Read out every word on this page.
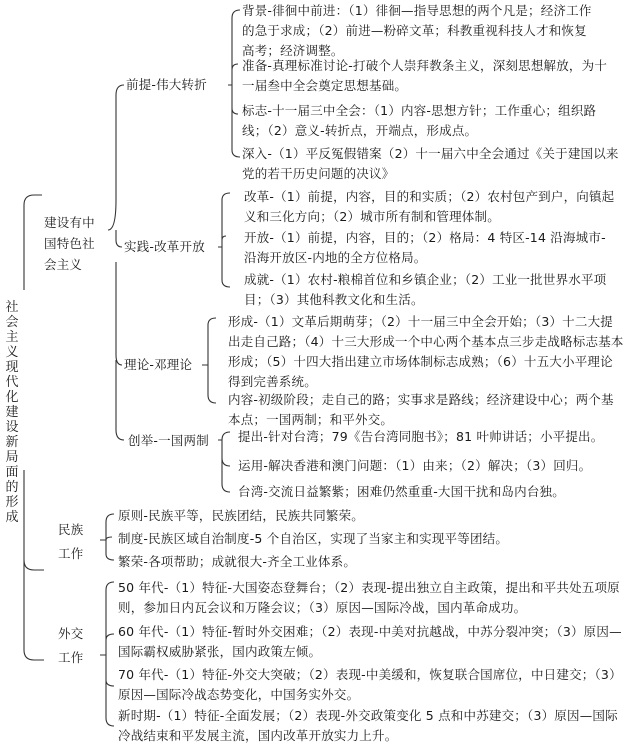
社会主义现代化建设新局面的形成
建设有中国特色社会主义
前提-伟大转折
背景-徘徊中前进：（1）徘徊—指导思想的两个凡是；经济工作的急于求成；（2）前进—粉碎文革；科教重视科技人才和恢复高考；经济调整。
准备-真理标准讨论-打破个人崇拜教条主义，深刻思想解放，为十一届叁中全会奠定思想基础。
标志-十一届三中全会：（1）内容-思想方针；工作重心；组织路线；（2）意义-转折点，开端点，形成点。
深入-（1）平反冤假错案（2）十一届六中全会通过《关于建国以来党的若干历史问题的决议》
实践-改革开放
改革-（1）前提，内容，目的和实质；（2）农村包产到户，向镇起义和三化方向；（2）城市所有制和管理体制。
开放-（1）前提，内容，目的；（2）格局：4 特区-14 沿海城市-沿海开放区-内地的全方位格局。
成就-（1）农村-粮棉首位和乡镇企业；（2）工业一批世界水平项目；（3）其他科教文化和生活。
理论-邓理论
形成-（1）文革后期萌芽；（2）十一届三中全会开始；（3）十二大提出走自己路；（4）十三大形成一个中心两个基本点三步走战略标志基本形成；（5）十四大指出建立市场体制标志成熟；（6）十五大小平理论得到完善系统。
内容-初级阶段；走自己的路；实事求是路线；经济建设中心；两个基本点；一国两制；和平外交。
创举-一国两制 提出-针对台湾；79《告台湾同胞书》；81 叶帅讲话；小平提出。
运用-解决香港和澳门问题：（1）由来；（2）解决；（3）回归。
台湾-交流日益繁紫；困难仍然重重-大国干扰和岛内台独。
民族工作
原则-民族平等，民族团结，民族共同繁荣。
制度-民族区域自治制度-5 个自治区，实现了当家主和实现平等团结。
繁荣-各项帮助；成就很大-齐全工业体系。
外交工作
50 年代-（1）特征-大国姿态登舞台；（2）表现-提出独立自主政策，提出和平共处五项原则，参加日内瓦会议和万隆会议；（3）原因—国际冷战，国内革命成功。
60 年代-（1）特征-暂时外交困难；（2）表现-中美对抗越战，中苏分裂冲突；（3）原因—国际霸权威胁紧张，国内政策左倾。
70 年代-（1）特征-外交大突破；（2）表现-中美缓和，恢复联合国席位，中日建交；（3）原因—国际冷战态势变化，中国务实外交。
新时期-（1）特征-全面发展；（2）表现-外交政策变化 5 点和中苏建交；（3）原因—国际冷战结束和平发展主流，国内改革开放实力上升。
